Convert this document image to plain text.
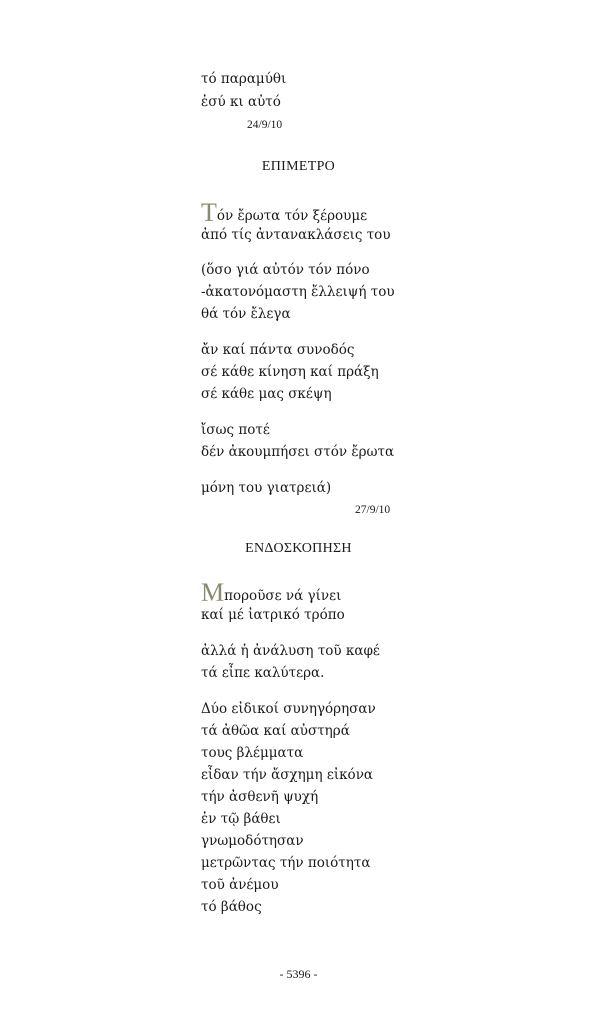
τό παραμύθι
ἐσύ κι αὐτό
24/9/10
ΕΠΙΜΕΤΡΟ
Τόν ἔρωτα τόν ξέρουμε
ἀπό τίς ἀντανακλάσεις του
(ὅσο γιά αὐτόν τόν πόνο
-ἀκατονόμαστη ἔλλειψή του
θά τόν ἔλεγα
ἄν καί πάντα συνοδός
σέ κάθε κίνηση καί πράξη
σέ κάθε μας σκέψη
ἴσως ποτέ
δέν ἀκουμπήσει στόν ἔρωτα
μόνη του γιατρειά)
27/9/10
ΕΝΔΟΣΚΟΠΗΣΗ
Μποροῦσε νά γίνει
καί μέ ἰατρικό τρόπο
ἀλλά ἡ ἀνάλυση τοῦ καφέ
τά εἶπε καλύτερα.
Δύο εἰδικοί συνηγόρησαν
τά ἀθῶα καί αὐστηρά
τους βλέμματα
εἶδαν τήν ἄσχημη εἰκόνα
τήν ἀσθενῆ ψυχή
ἐν τῷ βάθει
γνωμοδότησαν
μετρῶντας τήν ποιότητα
τοῦ ἀνέμου
τό βάθος
- 5396 -
